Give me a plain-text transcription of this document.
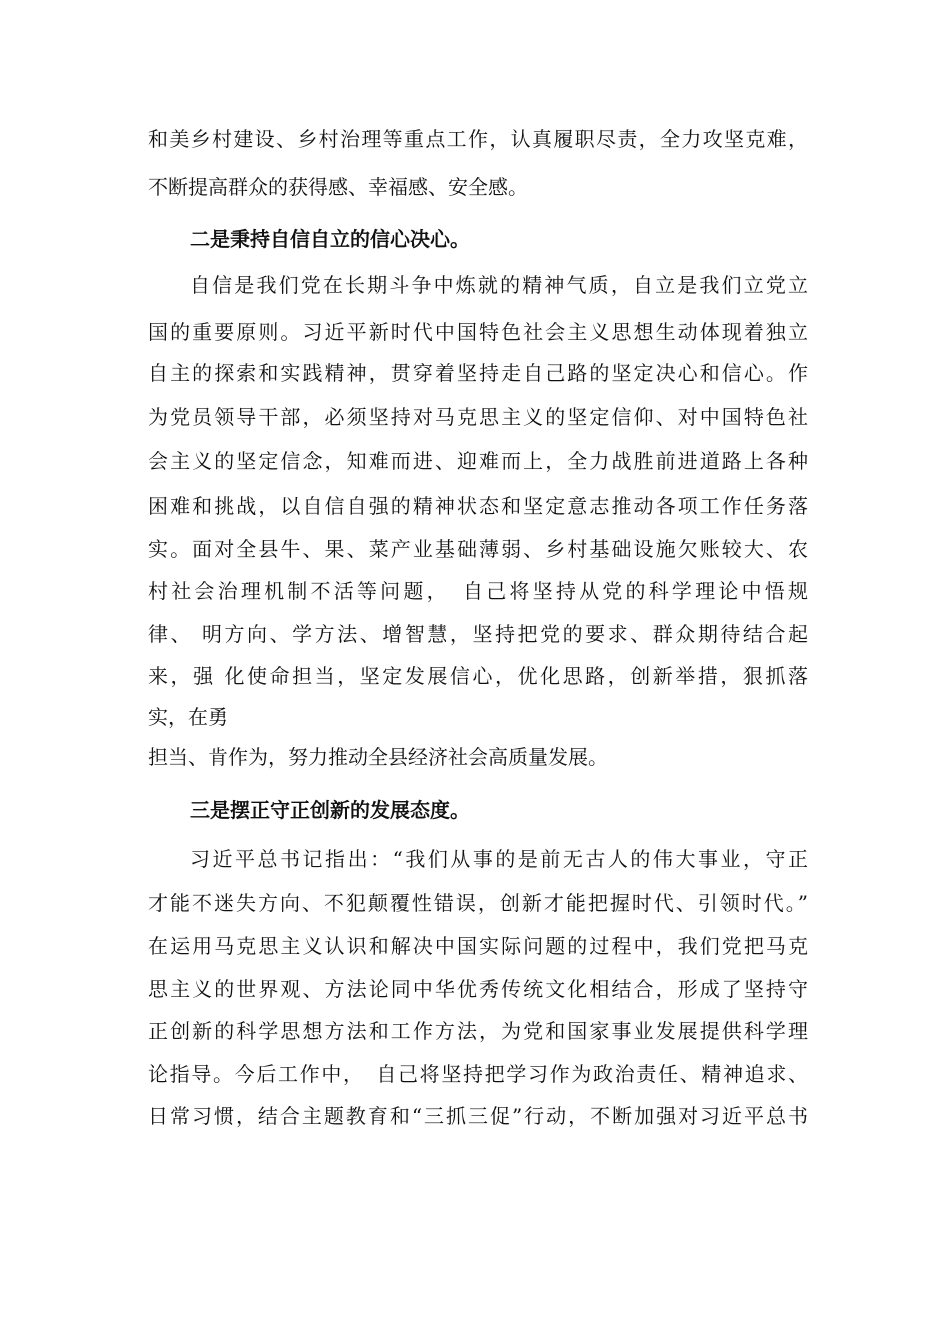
和美乡村建设、乡村治理等重点工作，认真履职尽责，全力攻坚克难，
不断提高群众的获得感、幸福感、安全感。
二是秉持自信自立的信心决心。
自信是我们党在长期斗争中炼就的精神气质，自立是我们立党立
国的重要原则。习近平新时代中国特色社会主义思想生动体现着独立
自主的探索和实践精神，贯穿着坚持走自己路的坚定决心和信心。作
为党员领导干部，必须坚持对马克思主义的坚定信仰、对中国特色社
会主义的坚定信念，知难而进、迎难而上，全力战胜前进道路上各种
困难和挑战，以自信自强的精神状态和坚定意志推动各项工作任务落
实。面对全县牛、果、菜产业基础薄弱、乡村基础设施欠账较大、农
村社会治理机制不活等问题，　自己将坚持从党的科学理论中悟规
律、 明方向、学方法、增智慧，坚持把党的要求、群众期待结合起
来，强 化使命担当，坚定发展信心，优化思路，创新举措，狠抓落
实，在勇
担当、肯作为，努力推动全县经济社会高质量发展。
三是摆正守正创新的发展态度。
习近平总书记指出：“我们从事的是前无古人的伟大事业，守正
才能不迷失方向、不犯颠覆性错误，创新才能把握时代、引领时代。”
在运用马克思主义认识和解决中国实际问题的过程中，我们党把马克
思主义的世界观、方法论同中华优秀传统文化相结合，形成了坚持守
正创新的科学思想方法和工作方法，为党和国家事业发展提供科学理
论指导。今后工作中，　自己将坚持把学习作为政治责任、精神追求、
日常习惯，结合主题教育和“三抓三促”行动，不断加强对习近平总书
